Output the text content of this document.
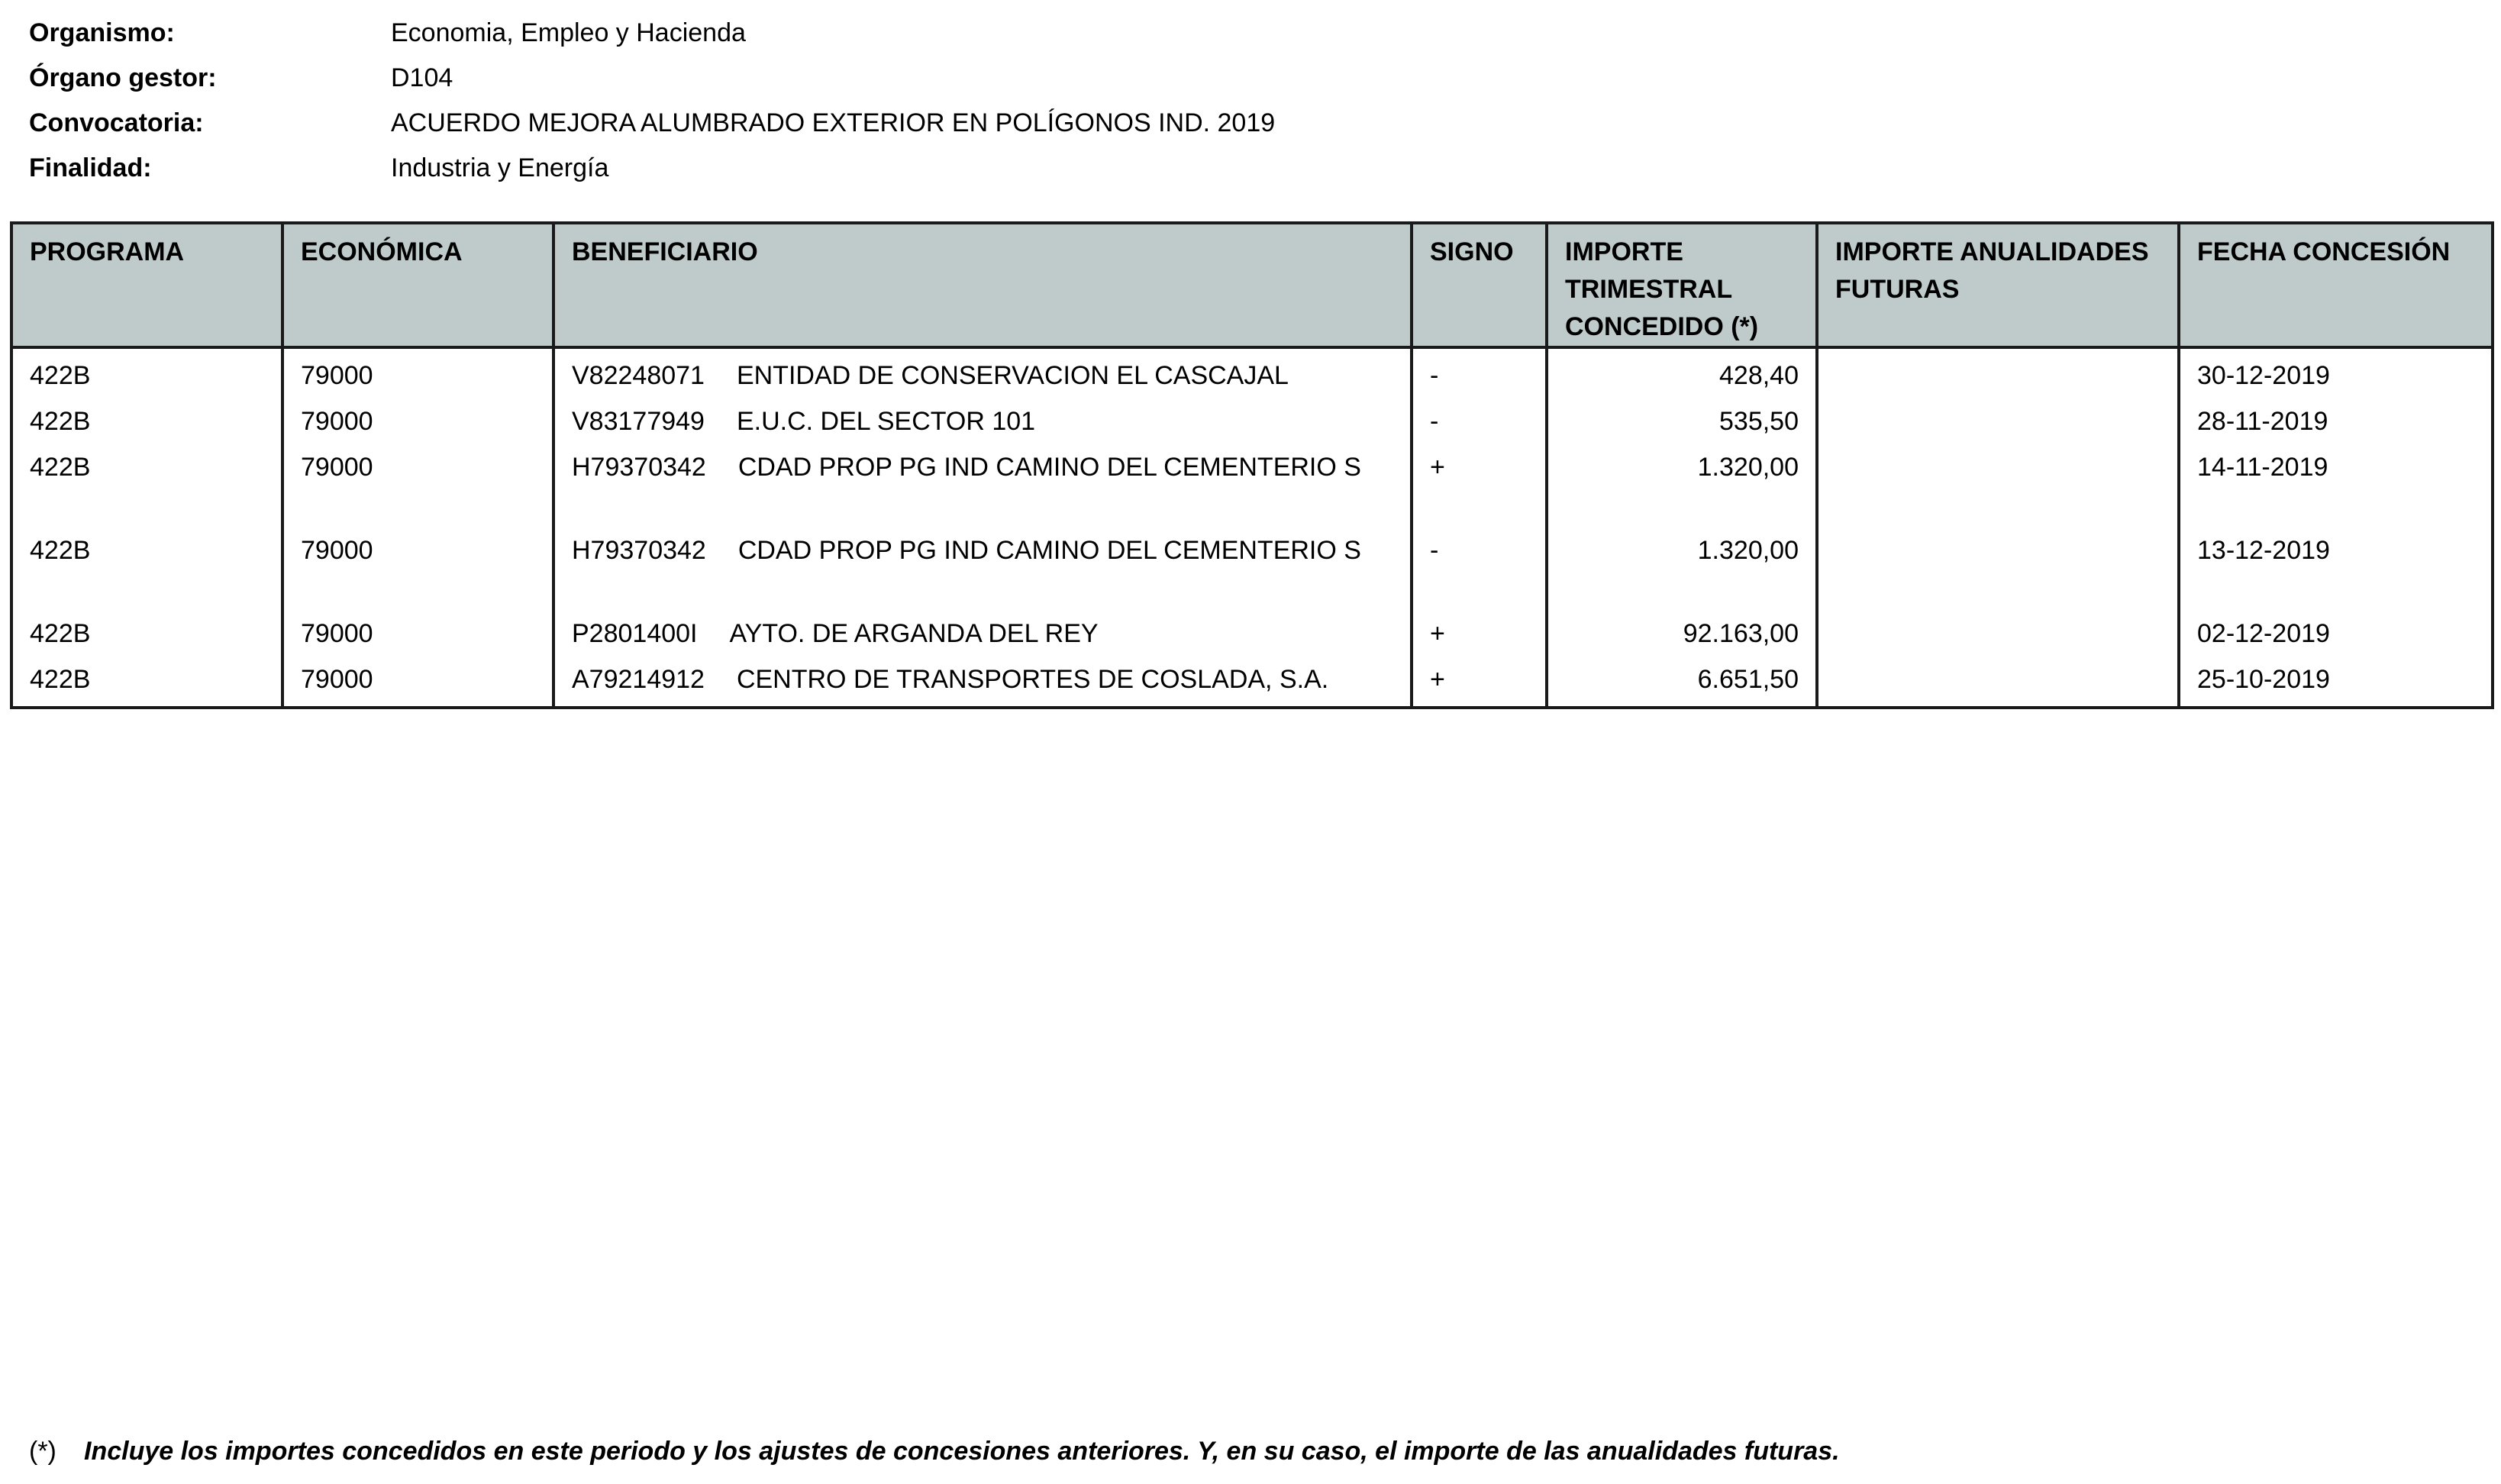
Organismo:	Economia, Empleo y Hacienda
Órgano gestor:	D104
Convocatoria:	ACUERDO MEJORA ALUMBRADO EXTERIOR EN POLÍGONOS IND. 2019
Finalidad:	Industria y Energía
PROGRAMA	ECONÓMICA	BENEFICIARIO	SIGNO	IMPORTE TRIMESTRAL CONCEDIDO (*)	IMPORTE ANUALIDADES FUTURAS	FECHA CONCESIÓN
422B	79000	V82248071 ENTIDAD DE CONSERVACION EL CASCAJAL	-	428,40		30-12-2019
422B	79000	V83177949 E.U.C. DEL SECTOR 101	-	535,50		28-11-2019
422B	79000	H79370342 CDAD PROP PG IND CAMINO DEL CEMENTERIO S	+	1.320,00		14-11-2019
422B	79000	H79370342 CDAD PROP PG IND CAMINO DEL CEMENTERIO S	-	1.320,00		13-12-2019
422B	79000	P2801400I AYTO. DE ARGANDA DEL REY	+	92.163,00		02-12-2019
422B	79000	A79214912 CENTRO DE TRANSPORTES DE COSLADA, S.A.	+	6.651,50		25-10-2019
(*) Incluye los importes concedidos en este periodo y los ajustes de concesiones anteriores. Y, en su caso, el importe de las anualidades futuras.
